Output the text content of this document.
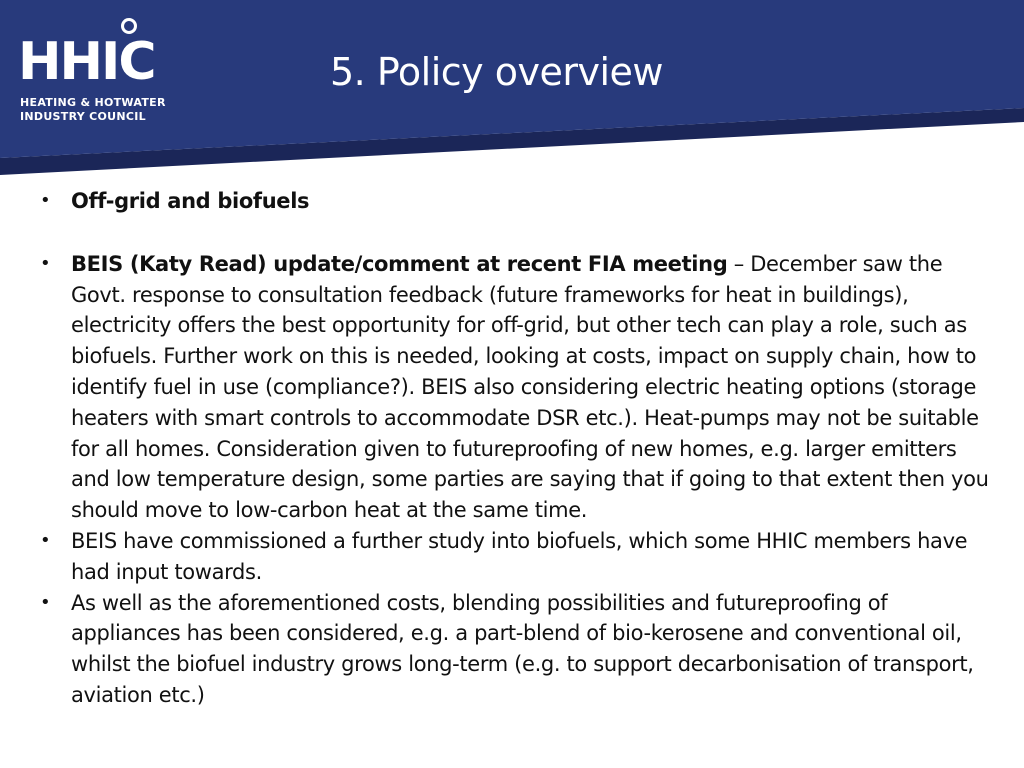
HHIC
HEATING & HOTWATER
INDUSTRY COUNCIL
5. Policy overview
• Off-grid and biofuels
• BEIS (Katy Read) update/comment at recent FIA meeting – December saw the Govt. response to consultation feedback (future frameworks for heat in buildings), electricity offers the best opportunity for off-grid, but other tech can play a role, such as biofuels. Further work on this is needed, looking at costs, impact on supply chain, how to identify fuel in use (compliance?). BEIS also considering electric heating options (storage heaters with smart controls to accommodate DSR etc.). Heat-pumps may not be suitable for all homes. Consideration given to futureproofing of new homes, e.g. larger emitters and low temperature design, some parties are saying that if going to that extent then you should move to low-carbon heat at the same time.
• BEIS have commissioned a further study into biofuels, which some HHIC members have had input towards.
• As well as the aforementioned costs, blending possibilities and futureproofing of appliances has been considered, e.g. a part-blend of bio-kerosene and conventional oil, whilst the biofuel industry grows long-term (e.g. to support decarbonisation of transport, aviation etc.)
